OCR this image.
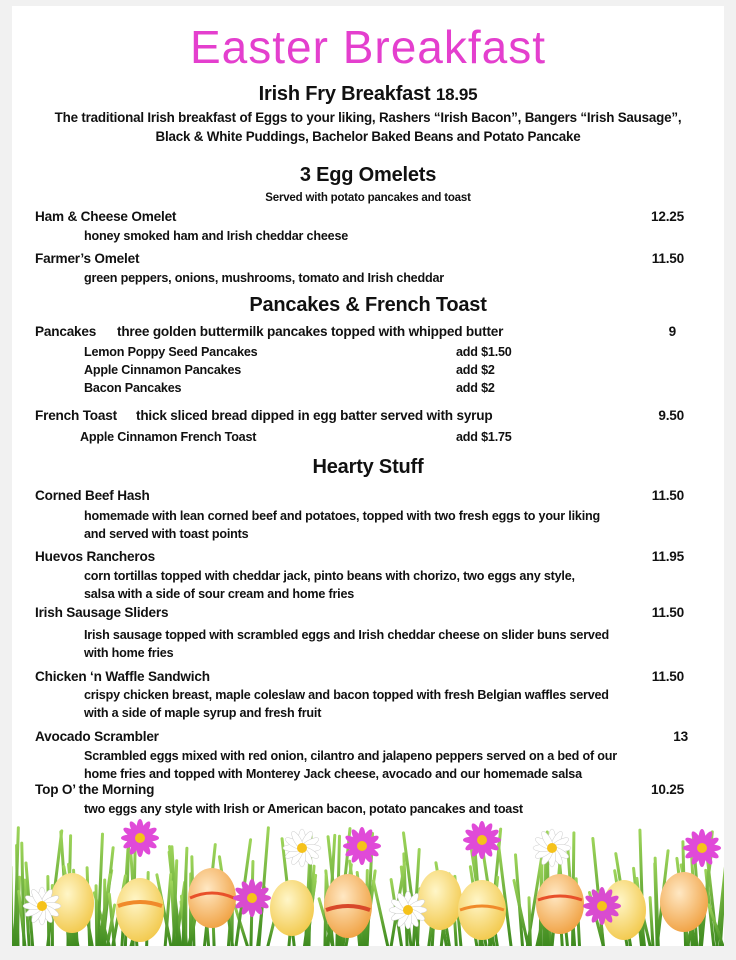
Easter Breakfast
Irish Fry Breakfast 18.95
The traditional Irish breakfast of Eggs to your liking, Rashers “Irish Bacon”, Bangers “Irish Sausage”,
Black & White Puddings, Bachelor Baked Beans and Potato Pancake
3 Egg Omelets
Served with potato pancakes and toast
Ham & Cheese Omelet	12.25
honey smoked ham and Irish cheddar cheese
Farmer’s Omelet	11.50
green peppers, onions, mushrooms, tomato and Irish cheddar
Pancakes & French Toast
Pancakes three golden buttermilk pancakes topped with whipped butter	9
Lemon Poppy Seed Pancakes	add $1.50
Apple Cinnamon Pancakes	add $2
Bacon Pancakes	add $2
French Toast thick sliced bread dipped in egg batter served with syrup	9.50
Apple Cinnamon French Toast	add $1.75
Hearty Stuff
Corned Beef Hash	11.50
homemade with lean corned beef and potatoes, topped with two fresh eggs to your liking
and served with toast points
Huevos Rancheros	11.95
corn tortillas topped with cheddar jack, pinto beans with chorizo, two eggs any style,
salsa with a side of sour cream and home fries
Irish Sausage Sliders	11.50
Irish sausage topped with scrambled eggs and Irish cheddar cheese on slider buns served
with home fries
Chicken ‘n Waffle Sandwich	11.50
crispy chicken breast, maple coleslaw and bacon topped with fresh Belgian waffles served
with a side of maple syrup and fresh fruit
Avocado Scrambler	13
Scrambled eggs mixed with red onion, cilantro and jalapeno peppers served on a bed of our
home fries and topped with Monterey Jack cheese, avocado and our homemade salsa
Top O’ the Morning	10.25
two eggs any style with Irish or American bacon, potato pancakes and toast
